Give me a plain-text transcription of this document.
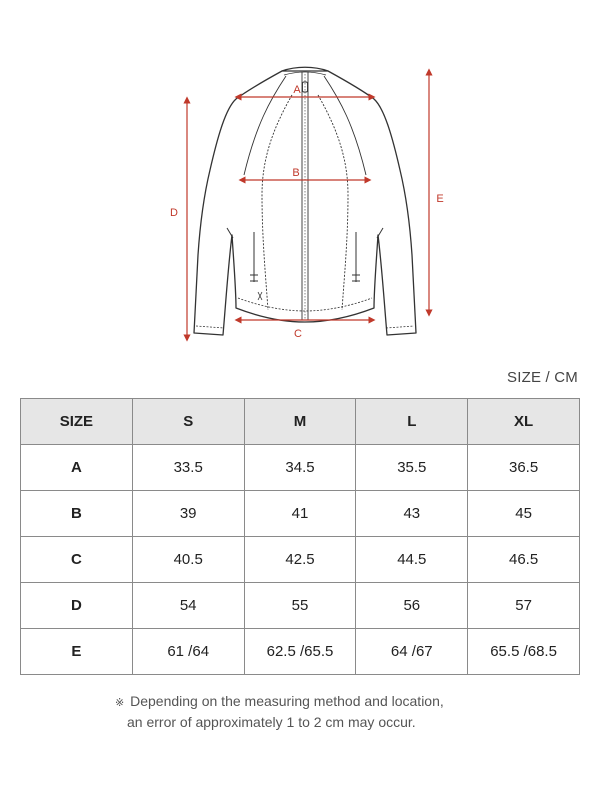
A
B
C
D
E
SIZE / CM
SIZE	S	M	L	XL
A	33.5	34.5	35.5	36.5
B	39	41	43	45
C	40.5	42.5	44.5	46.5
D	54	55	56	57
E	61 /64	62.5 /65.5	64 /67	65.5 /68.5
※ Depending on the measuring method and location,
an error of approximately 1 to 2 cm may occur.
